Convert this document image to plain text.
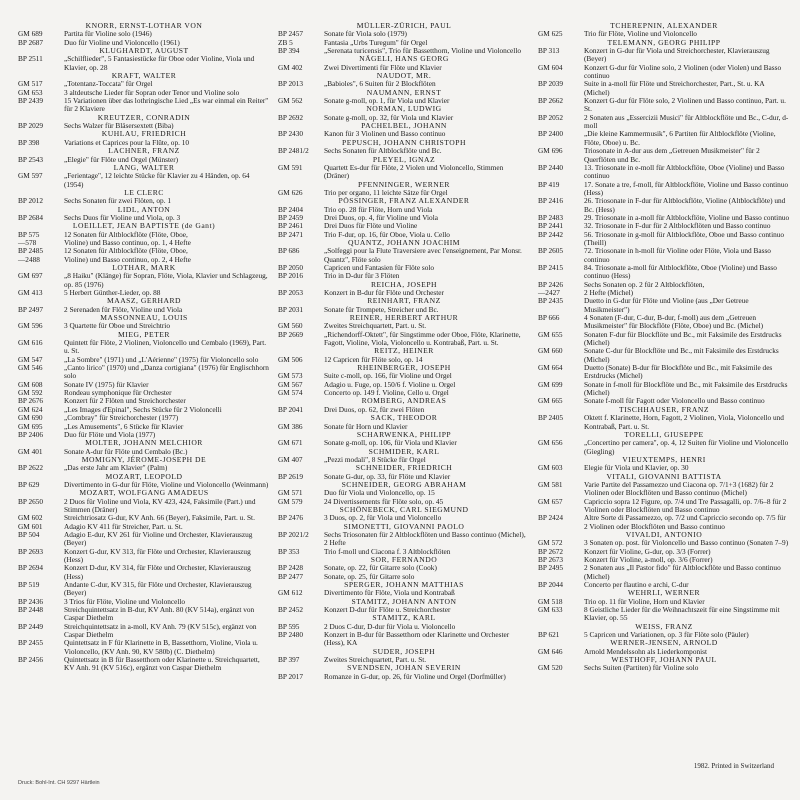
KNORR, ERNST-LOTHAR VON
GM 689	Partita für Violine solo (1946)
BP 2687	Duo für Violine und Violoncello (1961)
KLUGHARDT, AUGUST
BP 2511	„Schilflieder", 5 Fantasiestücke für Oboe oder Violine, Viola und Klavier, op. 28
KRAFT, WALTER
GM 517	„Totentanz-Toccata" für Orgel
GM 653	3 altdeutsche Lieder für Sopran oder Tenor und Violine solo
BP 2439	15 Variationen über das lothringische Lied „Es war einmal ein Reiter" für 2 Klaviere
KREUTZER, CONRADIN
BP 2029	Sechs Walzer für Bläsersextett (Biba)
KUHLAU, FRIEDRICH
BP 398	Variations et Caprices pour la Flûte, op. 10
LACHNER, FRANZ
BP 2543	„Elegie" für Flöte und Orgel (Münster)
LANG, WALTER
GM 597	„Ferientage", 12 leichte Stücke für Klavier zu 4 Händen, op. 64 (1954)
LE CLERC
BP 2012	Sechs Sonaten für zwei Flöten, op. 1
LIDL, ANTON
BP 2684	Sechs Duos für Violine und Viola, op. 3
LOEILLET, JEAN BAPTISTE (de Gant)
BP 575	12 Sonaten für Altblockflöte (Flöte, Oboe,
—578	Violine) und Basso continuo, op. 1, 4 Hefte
BP 2485	12 Sonaten für Altblockflöte (Flöte, Oboe,
—2488	Violine) und Basso continuo, op. 2, 4 Hefte
LOTHAR, MARK
GM 697	„8 Haiku" (Klänge) für Sopran, Flöte, Viola, Klavier und Schlagzeug, op. 85 (1976)
GM 413	5 Herbert Günther-Lieder, op. 88
MAASZ, GERHARD
BP 2497	2 Serenaden für Flöte, Violine und Viola
MASSONNEAU, LOUIS
GM 596	3 Quartette für Oboe und Streichtrio
MIEG, PETER
GM 616	Quintett für Flöte, 2 Violinen, Violoncello und Cembalo (1969), Part. u. St.
GM 547	„La Sombre" (1971) und „L'Aérienne" (1975) für Violoncello solo
GM 546	„Canto lirico" (1970) und „Danza cortigiana" (1976) für Englischhorn solo
GM 608	Sonate IV (1975) für Klavier
GM 592	Rondeau symphonique für Orchester
BP 2676	Konzert für 2 Flöten und Streichorchester
GM 624	„Les Images d'Epinal", Sechs Stücke für 2 Violoncelli
GM 690	„Combray" für Streichorchester (1977)
GM 695	„Les Amusements", 6 Stücke für Klavier
BP 2406	Duo für Flöte und Viola (1977)
MOLTER, JOHANN MELCHIOR
GM 401	Sonate A-dur für Flöte und Cembalo (Bc.)
MOMIGNY, JÉROME-JOSEPH DE
BP 2622	„Das erste Jahr am Klavier" (Palm)
MOZART, LEOPOLD
BP 629	Divertimento in G-dur für Flöte, Violine und Violoncello (Weinmann)
MOZART, WOLFGANG AMADEUS
BP 2650	2 Duos für Violine und Viola, KV 423, 424, Faksimile (Part.) und Stimmen (Dräner)
GM 602	Streichtriosatz G-dur, KV Anh. 66 (Beyer), Faksimile, Part. u. St.
GM 601	Adagio KV 411 für Streicher, Part. u. St.
BP 504	Adagio E-dur, KV 261 für Violine und Orchester, Klavierauszug (Beyer)
BP 2693	Konzert G-dur, KV 313, für Flöte und Orchester, Klavierauszug (Hess)
BP 2694	Konzert D-dur, KV 314, für Flöte und Orchester, Klavierauszug (Hess)
BP 519	Andante C-dur, KV 315, für Flöte und Orchester, Klavierauszug (Beyer)
BP 2436	3 Trios für Flöte, Violine und Violoncello
BP 2448	Streichquintettsatz in B-dur, KV Anh. 80 (KV 514a), ergänzt von Caspar Diethelm
BP 2449	Streichquintettsatz in a-moll, KV Anh. 79 (KV 515c), ergänzt von Caspar Diethelm
BP 2455	Quintettsatz in F für Klarinette in B, Bassetthorn, Violine, Viola u. Violoncello, (KV Anh. 90, KV 580b) (C. Diethelm)
BP 2456	Quintettsatz in B für Bassetthorn oder Klarinette u. Streichquartett, KV Anh. 91 (KV 516c), ergänzt von Caspar Diethelm
MÜLLER-ZÜRICH, PAUL
BP 2457	Sonate für Viola solo (1979)
ZB 5	Fantasia „Urbs Turegum" für Orgel
BP 394	„Serenata turicensis", Trio für Bassetthorn, Violine und Violoncello
NÄGELI, HANS GEORG
GM 402	Zwei Divertimenti für Flöte und Klavier
NAUDOT, MR.
BP 2013	„Babioles", 6 Suiten für 2 Blockflöten
NAUMANN, ERNST
GM 562	Sonate g-moll, op. 1, für Viola und Klavier
NORMAN, LUDWIG
BP 2692	Sonate g-moll, op. 32, für Viola und Klavier
PACHELBEL, JOHANN
BP 2430	Kanon für 3 Violinen und Basso continuo
PEPUSCH, JOHANN CHRISTOPH
BP 2481/2	Sechs Sonaten für Altblockflöte und Bc.
PLEYEL, IGNAZ
GM 591	Quartett Es-dur für Flöte, 2 Violen und Violoncello, Stimmen (Dräner)
PFENNINGER, WERNER
GM 626	Trio per organo, 11 leichte Sätze für Orgel
PÖSSINGER, FRANZ ALEXANDER
BP 2404	Trio op. 28 für Flöte, Horn und Viola
BP 2459	Drei Duos, op. 4, für Violine und Viola
BP 2461	Drei Duos für Flöte und Violine
BP 2471	Trio F-dur, op. 16, für Oboe, Viola u. Cello
QUANTZ, JOHANN JOACHIM
BP 686	„Solfeggi pour la Flute Traversiere avec l'enseignement, Par Monsr. Quantz", Flöte solo
BP 2050	Capricen und Fantasien für Flöte solo
BP 2016	Trio in D-dur für 3 Flöten
REICHA, JOSEPH
BP 2053	Konzert in B-dur für Flöte und Orchester
REINHART, FRANZ
BP 2031	Sonate für Trompete, Streicher und Bc.
REINER, HERBERT ARTHUR
GM 560	Zweites Streichquartett, Part. u. St.
BP 2669	„Richendorff-Oktett", für Singstimme oder Oboe, Flöte, Klarinette, Fagott, Violine, Viola, Violoncello u. Kontrabaß, Part. u. St.
REITZ, HEINER
GM 506	12 Capricen für Flöte solo, op. 14
RHEINBERGER, JOSEPH
GM 573	Suite c-moll, op. 166, für Violine und Orgel
GM 567	Adagio u. Fuge, op. 150/6 f. Violine u. Orgel
GM 574	Concerto op. 149 f. Violine, Cello u. Orgel
ROMBERG, ANDREAS
BP 2041	Drei Duos, op. 62, für zwei Flöten
SACK, THEODOR
GM 386	Sonate für Horn und Klavier
SCHARWENKA, PHILIPP
GM 671	Sonate g-moll, op. 106, für Viola und Klavier
SCHMIDER, KARL
GM 407	„Pezzi modali", 8 Stücke für Orgel
SCHNEIDER, FRIEDRICH
BP 2619	Sonate G-dur, op. 33, für Flöte und Klavier
SCHNEIDER, GEORG ABRAHAM
GM 571	Duo für Viola und Violoncello, op. 15
GM 579	24 Divertissements für Flöte solo, op. 45
SCHÖNEBECK, CARL SIEGMUND
BP 2476	3 Duos, op. 2, für Viola und Violoncello
SIMONETTI, GIOVANNI PAOLO
BP 2021/2	Sechs Triosonaten für 2 Altblockflöten und Basso continuo (Michel), 2 Hefte
BP 353	Trio f-moll und Ciacona f. 3 Altblockflöten
SOR, FERNANDO
BP 2428	Sonate, op. 22, für Gitarre solo (Cook)
BP 2477	Sonate, op. 25, für Gitarre solo
SPERGER, JOHANN MATTHIAS
GM 612	Divertimento für Flöte, Viola und Kontrabaß
STAMITZ, JOHANN ANTON
BP 2452	Konzert D-dur für Flöte u. Streichorchester
STAMITZ, KARL
BP 595	2 Duos C-dur, D-dur für Viola u. Violoncello
BP 2480	Konzert in B-dur für Bassetthorn oder Klarinette und Orchester (Hess), KA
SUDER, JOSEPH
BP 397	Zweites Streichquartett, Part. u. St.
SVENDSEN, JOHAN SEVERIN
BP 2017	Romanze in G-dur, op. 26, für Violine und Orgel (Dorfmüller)
TCHEREPNIN, ALEXANDER
GM 625	Trio für Flöte, Violine und Violoncello
TELEMANN, GEORG PHILIPP
BP 313	Konzert in G-dur für Viola und Streichorchester, Klavierauszug (Beyer)
GM 604	Konzert G-dur für Violine solo, 2 Violinen (oder Violen) und Basso continuo
BP 2039	Suite in a-moll für Flöte und Streichorchester, Part., St. u. KA (Michel)
BP 2662	Konzert G-dur für Flöte solo, 2 Violinen und Basso continuo, Part. u. St.
BP 2052	2 Sonaten aus „Essercizii Musici" für Altblockflöte und Bc., C-dur, d-moll
BP 2400	„Die kleine Kammermusik", 6 Partiten für Altblockflöte (Violine, Flöte, Oboe) u. Bc.
GM 696	Triosonate in A-dur aus dem „Getreuen Musikmeister" für 2 Querflöten und Bc.
BP 2440	13. Triosonate in e-moll für Altblockflöte, Oboe (Violine) und Basso continuo
BP 419	17. Sonate a tre, f-moll, für Altblockflöte, Violine und Basso continuo (Hess)
BP 2416	26. Triosonate in F-dur für Altblockflöte, Violine (Altblockflöte) und Bc. (Hess)
BP 2483	29. Triosonate in a-moll für Altblockflöte, Violine und Basso continuo
BP 2441	32. Triosonate in F-dur für 2 Altblockflöten und Basso continuo
BP 2442	56. Triosonate in g-moll für Altblockflöte, Oboe und Basso continuo (Theill)
BP 2605	72. Triosonate in h-moll für Violine oder Flöte, Viola und Basso continuo
BP 2415	84. Triosonate a-moll für Altblockflöte, Oboe (Violine) und Basso continuo (Hess)
BP 2426	Sechs Sonaten op. 2 für 2 Altblockflöten,
—2427	2 Hefte (Michel)
BP 2435	Duetto in G-dur für Flöte und Violine (aus „Der Getreue Musikmeister")
BP 666	4 Sonaten (F-dur, C-dur, B-dur, f-moll) aus dem „Getreuen Musikmeister" für Blockflöte (Flöte, Oboe) und Bc. (Michel)
GM 655	Sonaten F-dur für Blockflöte und Bc., mit Faksimile des Erstdrucks (Michel)
GM 660	Sonate C-dur für Blockflöte und Bc., mit Faksimile des Erstdrucks (Michel)
GM 664	Duetto (Sonate) B-dur für Blockflöte und Bc., mit Faksimile des Erstdrucks (Michel)
GM 699	Sonate in f-moll für Blockflöte und Bc., mit Faksimile des Erstdrucks (Michel)
GM 665	Sonate f-moll für Fagott oder Violoncello und Basso continuo
TISCHHAUSER, FRANZ
BP 2405	Oktett f. Klarinette, Horn, Fagott, 2 Violinen, Viola, Violoncello und Kontrabaß, Part. u. St.
TORELLI, GIUSEPPE
GM 656	„Concertino per camera", op. 4, 12 Suiten für Violine und Violoncello (Giegling)
VIEUXTEMPS, HENRI
GM 603	Elegie für Viola und Klavier, op. 30
VITALI, GIOVANNI BATTISTA
GM 581	Varie Partite del Passamezzo und Ciacona op. 7/1+3 (1682) für 2 Violinen oder Blockflöten und Basso continuo (Michel)
GM 657	Capriccio sopra 12 Figure, op. 7/4 und Tre Passagalli, op. 7/6–8 für 2 Violinen oder Blockflöten und Basso continuo
BP 2424	Altre Sorte di Passamezzo, op. 7/2 und Capriccio secondo op. 7/5 für 2 Violinen oder Blockflöten und Basso continuo
VIVALDI, ANTONIO
GM 572	3 Sonaten op. post. für Violoncello und Basso continuo (Sonaten 7–9)
BP 2672	Konzert für Violine, G-dur, op. 3/3 (Forrer)
BP 2673	Konzert für Violine, a-moll, op. 3/6 (Forrer)
BP 2495	2 Sonaten aus „Il Pastor fido" für Altblockflöte und Basso continuo (Michel)
BP 2044	Concerto per flautino e archi, C-dur
WEHRLI, WERNER
GM 518	Trio op. 11 für Violine, Horn und Klavier
GM 633	8 Geistliche Lieder für die Weihnachtszeit für eine Singstimme mit Klavier, op. 55
WEISS, FRANZ
BP 621	5 Capricen und Variationen, op. 3 für Flöte solo (Päuler)
WERNER-JENSEN, ARNOLD
GM 646	Arnold Mendelssohn als Liederkomponist
WESTHOFF, JOHANN PAUL
GM 520	Sechs Suiten (Partiten) für Violine solo
Druck: Bohl-Int. CH 9297 Härtlein
1982. Printed in Switzerland
